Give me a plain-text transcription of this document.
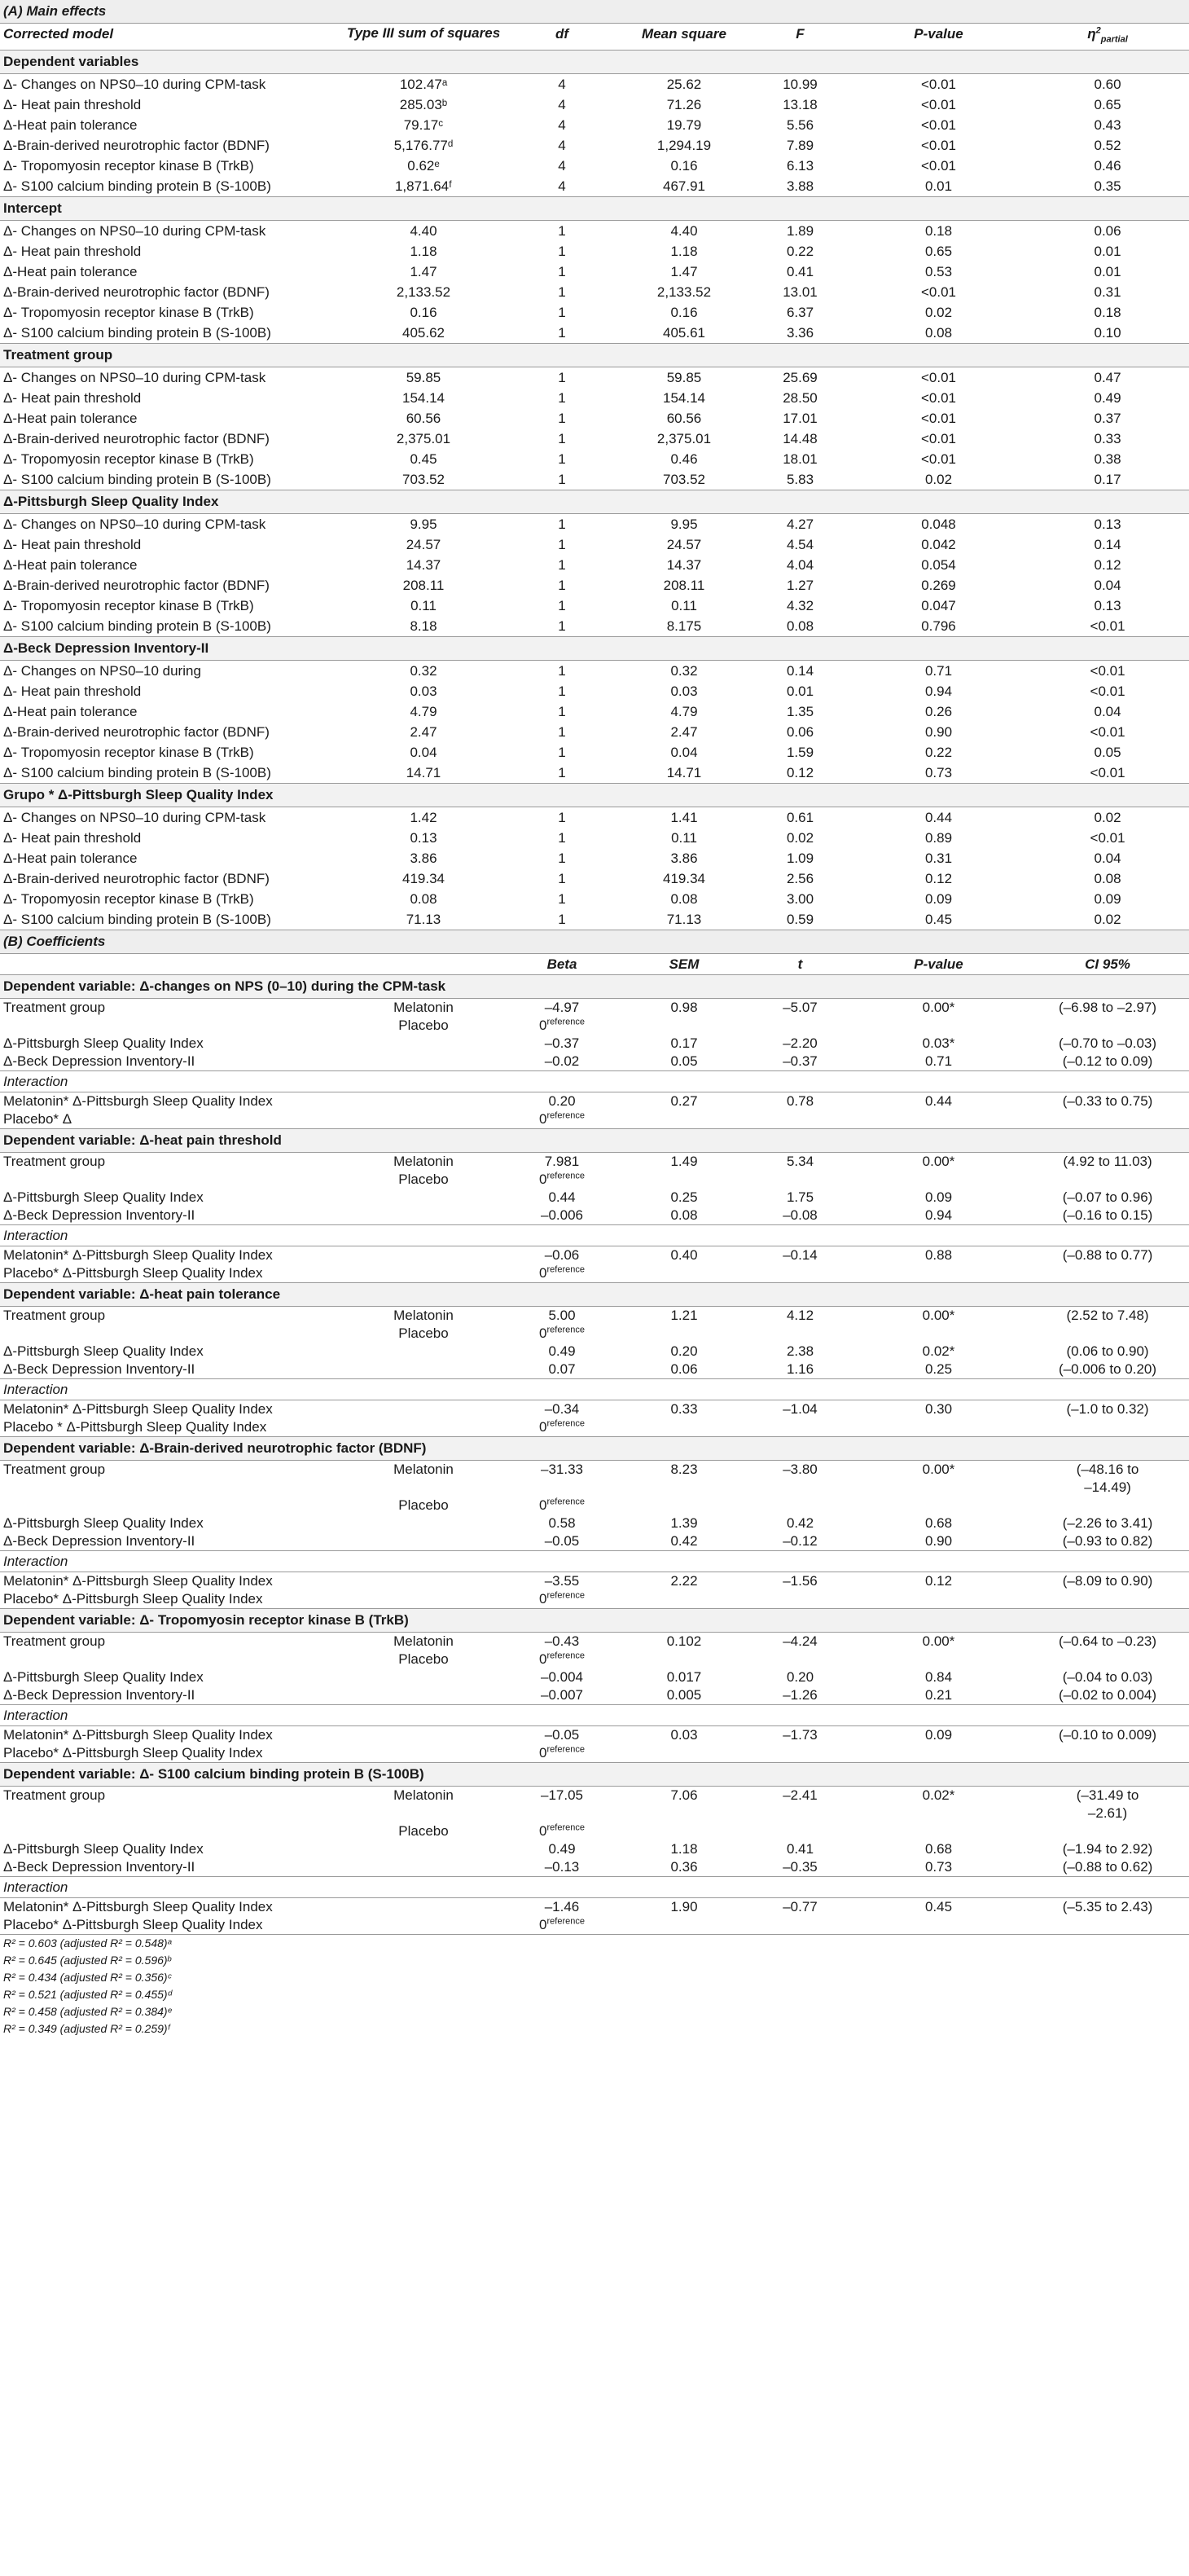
(A) Main effects						
Corrected model	Type III sum of squares	df	Mean square	F	P-value	$\eta^2_{partial}$
Dependent variables						
Δ- Changes on NPS0–10 during CPM-task	102.47ᵃ	4	25.62	10.99	<0.01	0.60
Δ- Heat pain threshold	285.03ᵇ	4	71.26	13.18	<0.01	0.65
Δ-Heat pain tolerance	79.17ᶜ	4	19.79	5.56	<0.01	0.43
Δ-Brain-derived neurotrophic factor (BDNF)	5,176.77ᵈ	4	1,294.19	7.89	<0.01	0.52
Δ- Tropomyosin receptor kinase B (TrkB)	0.62ᵉ	4	0.16	6.13	<0.01	0.46
Δ- S100 calcium binding protein B (S-100B)	1,871.64ᶠ	4	467.91	3.88	0.01	0.35
Intercept						
Δ- Changes on NPS0–10 during CPM-task	4.40	1	4.40	1.89	0.18	0.06
Δ- Heat pain threshold	1.18	1	1.18	0.22	0.65	0.01
Δ-Heat pain tolerance	1.47	1	1.47	0.41	0.53	0.01
Δ-Brain-derived neurotrophic factor (BDNF)	2,133.52	1	2,133.52	13.01	<0.01	0.31
Δ- Tropomyosin receptor kinase B (TrkB)	0.16	1	0.16	6.37	0.02	0.18
Δ- S100 calcium binding protein B (S-100B)	405.62	1	405.61	3.36	0.08	0.10
Treatment group						
Δ- Changes on NPS0–10 during CPM-task	59.85	1	59.85	25.69	<0.01	0.47
Δ- Heat pain threshold	154.14	1	154.14	28.50	<0.01	0.49
Δ-Heat pain tolerance	60.56	1	60.56	17.01	<0.01	0.37
Δ-Brain-derived neurotrophic factor (BDNF)	2,375.01	1	2,375.01	14.48	<0.01	0.33
Δ- Tropomyosin receptor kinase B (TrkB)	0.45	1	0.46	18.01	<0.01	0.38
Δ- S100 calcium binding protein B (S-100B)	703.52	1	703.52	5.83	0.02	0.17
Δ-Pittsburgh Sleep Quality Index						
Δ- Changes on NPS0–10 during CPM-task	9.95	1	9.95	4.27	0.048	0.13
Δ- Heat pain threshold	24.57	1	24.57	4.54	0.042	0.14
Δ-Heat pain tolerance	14.37	1	14.37	4.04	0.054	0.12
Δ-Brain-derived neurotrophic factor (BDNF)	208.11	1	208.11	1.27	0.269	0.04
Δ- Tropomyosin receptor kinase B (TrkB)	0.11	1	0.11	4.32	0.047	0.13
Δ- S100 calcium binding protein B (S-100B)	8.18	1	8.175	0.08	0.796	<0.01
Δ-Beck Depression Inventory-II						
Δ- Changes on NPS0–10 during	0.32	1	0.32	0.14	0.71	<0.01
Δ- Heat pain threshold	0.03	1	0.03	0.01	0.94	<0.01
Δ-Heat pain tolerance	4.79	1	4.79	1.35	0.26	0.04
Δ-Brain-derived neurotrophic factor (BDNF)	2.47	1	2.47	0.06	0.90	<0.01
Δ- Tropomyosin receptor kinase B (TrkB)	0.04	1	0.04	1.59	0.22	0.05
Δ- S100 calcium binding protein B (S-100B)	14.71	1	14.71	0.12	0.73	<0.01
Grupo * Δ-Pittsburgh Sleep Quality Index						
Δ- Changes on NPS0–10 during CPM-task	1.42	1	1.41	0.61	0.44	0.02
Δ- Heat pain threshold	0.13	1	0.11	0.02	0.89	<0.01
Δ-Heat pain tolerance	3.86	1	3.86	1.09	0.31	0.04
Δ-Brain-derived neurotrophic factor (BDNF)	419.34	1	419.34	2.56	0.12	0.08
Δ- Tropomyosin receptor kinase B (TrkB)	0.08	1	0.08	3.00	0.09	0.09
Δ- S100 calcium binding protein B (S-100B)	71.13	1	71.13	0.59	0.45	0.02
(B) Coefficients						
		Beta	SEM	t	P-value	CI 95%
Dependent variable: Δ-changes on NPS (0–10) during the CPM-task						
Treatment group	Melatonin	–4.97	0.98	–5.07	0.00*	(–6.98 to –2.97)
	Placebo	0$^{reference}$				
Δ-Pittsburgh Sleep Quality Index		–0.37	0.17	–2.20	0.03*	(–0.70 to –0.03)
Δ-Beck Depression Inventory-II		–0.02	0.05	–0.37	0.71	(–0.12 to 0.09)
Interaction						
Melatonin* Δ-Pittsburgh Sleep Quality Index		0.20	0.27	0.78	0.44	(–0.33 to 0.75)
Placebo* Δ		0$^{reference}$				
Dependent variable: Δ-heat pain threshold						
Treatment group	Melatonin	7.981	1.49	5.34	0.00*	(4.92 to 11.03)
	Placebo	0$^{reference}$				
Δ-Pittsburgh Sleep Quality Index		0.44	0.25	1.75	0.09	(–0.07 to 0.96)
Δ-Beck Depression Inventory-II		–0.006	0.08	–0.08	0.94	(–0.16 to 0.15)
Interaction						
Melatonin* Δ-Pittsburgh Sleep Quality Index		–0.06	0.40	–0.14	0.88	(–0.88 to 0.77)
Placebo* Δ-Pittsburgh Sleep Quality Index		0$^{reference}$				
Dependent variable: Δ-heat pain tolerance						
Treatment group	Melatonin	5.00	1.21	4.12	0.00*	(2.52 to 7.48)
	Placebo	0$^{reference}$				
Δ-Pittsburgh Sleep Quality Index		0.49	0.20	2.38	0.02*	(0.06 to 0.90)
Δ-Beck Depression Inventory-II		0.07	0.06	1.16	0.25	(–0.006 to 0.20)
Interaction						
Melatonin* Δ-Pittsburgh Sleep Quality Index		–0.34	0.33	–1.04	0.30	(–1.0 to 0.32)
Placebo * Δ-Pittsburgh Sleep Quality Index		0$^{reference}$				
Dependent variable: Δ-Brain-derived neurotrophic factor (BDNF)						
Treatment group	Melatonin	–31.33	8.23	–3.80	0.00*	(–48.16 to
						–14.49)
	Placebo	0$^{reference}$				
Δ-Pittsburgh Sleep Quality Index		0.58	1.39	0.42	0.68	(–2.26 to 3.41)
Δ-Beck Depression Inventory-II		–0.05	0.42	–0.12	0.90	(–0.93 to 0.82)
Interaction						
Melatonin* Δ-Pittsburgh Sleep Quality Index		–3.55	2.22	–1.56	0.12	(–8.09 to 0.90)
Placebo* Δ-Pittsburgh Sleep Quality Index		0$^{reference}$				
Dependent variable: Δ- Tropomyosin receptor kinase B (TrkB)						
Treatment group	Melatonin	–0.43	0.102	–4.24	0.00*	(–0.64 to –0.23)
	Placebo	0$^{reference}$				
Δ-Pittsburgh Sleep Quality Index		–0.004	0.017	0.20	0.84	(–0.04 to 0.03)
Δ-Beck Depression Inventory-II		–0.007	0.005	–1.26	0.21	(–0.02 to 0.004)
Interaction						
Melatonin* Δ-Pittsburgh Sleep Quality Index		–0.05	0.03	–1.73	0.09	(–0.10 to 0.009)
Placebo* Δ-Pittsburgh Sleep Quality Index		0$^{reference}$				
Dependent variable: Δ- S100 calcium binding protein B (S-100B)						
Treatment group	Melatonin	–17.05	7.06	–2.41	0.02*	(–31.49 to
						–2.61)
	Placebo	0$^{reference}$				
Δ-Pittsburgh Sleep Quality Index		0.49	1.18	0.41	0.68	(–1.94 to 2.92)
Δ-Beck Depression Inventory-II		–0.13	0.36	–0.35	0.73	(–0.88 to 0.62)
Interaction						
Melatonin* Δ-Pittsburgh Sleep Quality Index		–1.46	1.90	–0.77	0.45	(–5.35 to 2.43)
Placebo* Δ-Pittsburgh Sleep Quality Index		0$^{reference}$				
R² = 0.603 (adjusted R² = 0.548)ᵃ						
R² = 0.645 (adjusted R² = 0.596)ᵇ						
R² = 0.434 (adjusted R² = 0.356)ᶜ						
R² = 0.521 (adjusted R² = 0.455)ᵈ						
R² = 0.458 (adjusted R² = 0.384)ᵉ						
R² = 0.349 (adjusted R² = 0.259)ᶠ						
